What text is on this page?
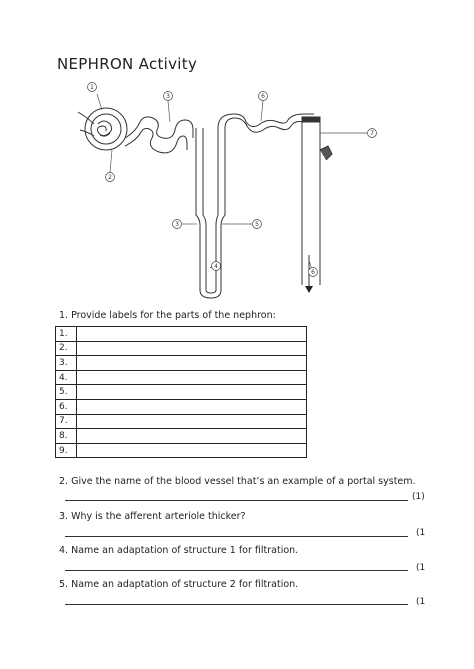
NEPHRON Activity
1
2
3
3
4
5
6
6
7
1. Provide labels for the parts of the nephron:
1.	
2.	
3.	
4.	
5.	
6.	
7.	
8.	
9.	
2. Give the name of the blood vessel that’s an example of a portal system.
(1)
3. Why is the afferent arteriole thicker?
(1
4. Name an adaptation of structure 1 for filtration.
(1
5. Name an adaptation of structure 2 for filtration.
(1
